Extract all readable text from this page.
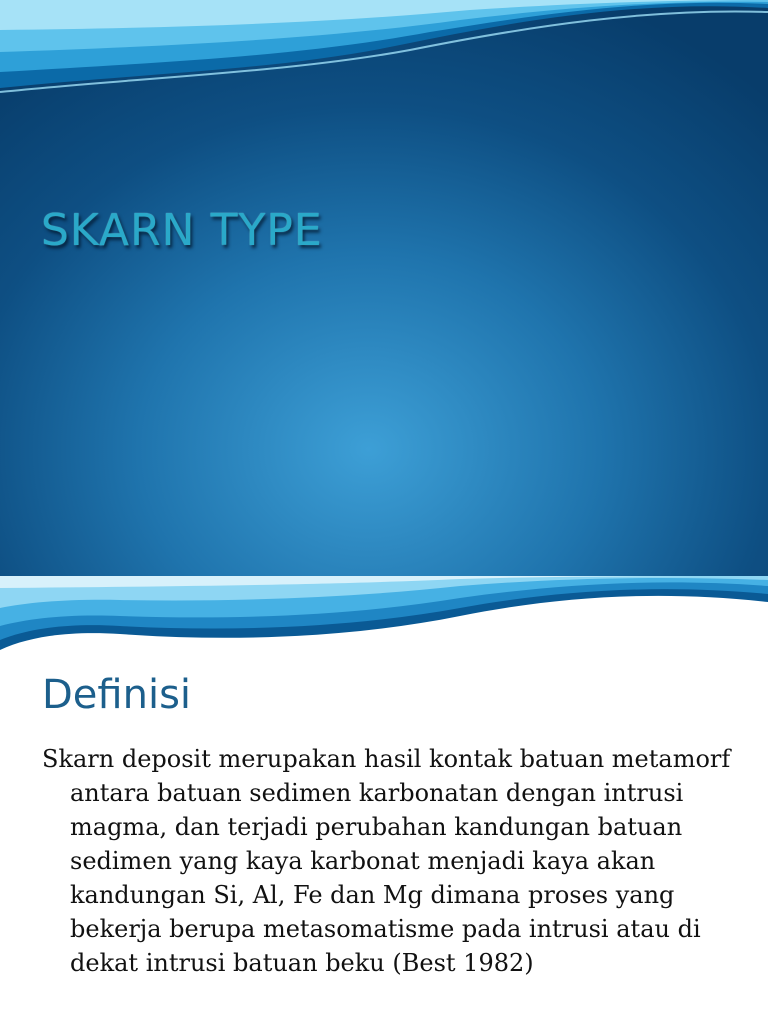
SKARN TYPE
Definisi

Skarn deposit merupakan hasil kontak batuan metamorf antara batuan sedimen karbonatan dengan intrusi magma, dan terjadi perubahan kandungan batuan sedimen yang kaya karbonat menjadi kaya akan kandungan Si, Al, Fe dan Mg dimana proses yang bekerja berupa metasomatisme pada intrusi atau di dekat intrusi batuan beku (Best 1982)
